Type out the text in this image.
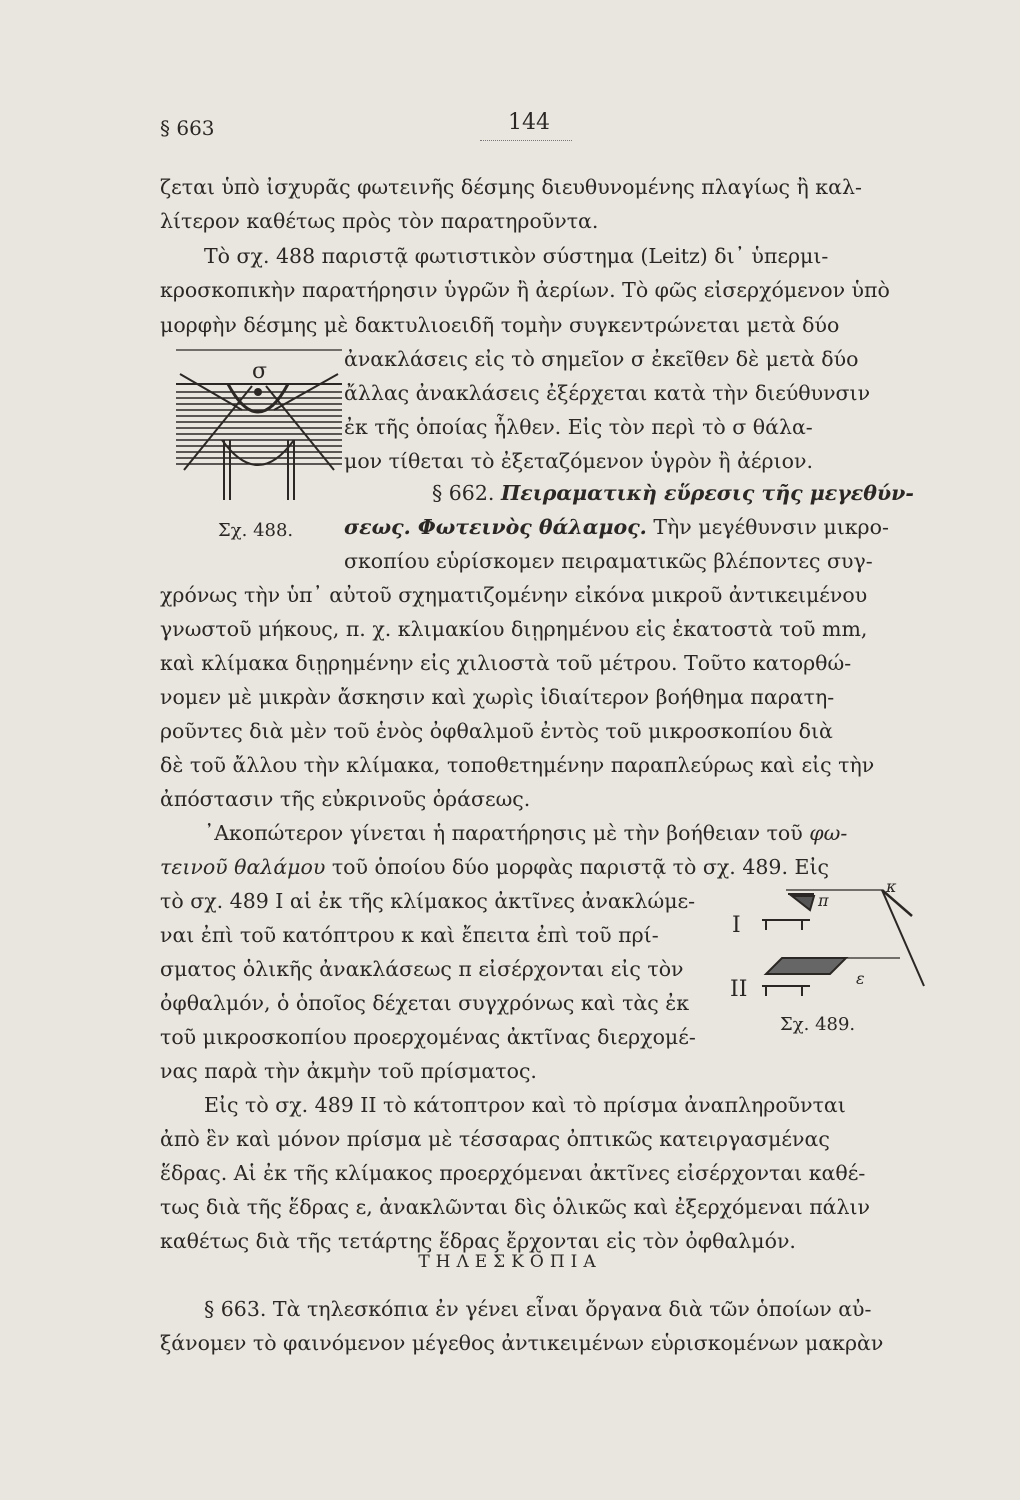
§ 663	144
ζεται ὑπὸ ἰσχυρᾶς φωτεινῆς δέσμης διευθυνομένης πλαγίως ἢ καλ-
λίτερον καθέτως πρὸς τὸν παρατηροῦντα.
Τὸ σχ. 488 παριστᾷ φωτιστικὸν σύστημα (Leitz) δι᾽ ὑπερμι-
κροσκοπικὴν παρατήρησιν ὑγρῶν ἢ ἀερίων. Τὸ φῶς εἰσερχόμενον ὑπὸ
μορφὴν δέσμης μὲ δακτυλιοειδῆ τομὴν συγκεντρώνεται μετὰ δύο
ἀνακλάσεις εἰς τὸ σημεῖον σ ἐκεῖθεν δὲ μετὰ δύο
ἄλλας ἀνακλάσεις ἐξέρχεται κατὰ τὴν διεύθυνσιν
ἐκ τῆς ὁποίας ἦλθεν. Εἰς τὸν περὶ τὸ σ θάλα-
μον τίθεται τὸ ἐξεταζόμενον ὑγρὸν ἢ ἀέριον.
σ
Σχ. 488.
§ 662. Πειραματικὴ εὕρεσις τῆς μεγεθύν-
σεως. Φωτεινὸς θάλαμος. Τὴν μεγέθυνσιν μικρο-
σκοπίου εὑρίσκομεν πειραματικῶς βλέποντες συγ-
χρόνως τὴν ὑπ᾽ αὐτοῦ σχηματιζομένην εἰκόνα μικροῦ ἀντικειμένου
γνωστοῦ μήκους, π. χ. κλιμακίου διῃρημένου εἰς ἑκατοστὰ τοῦ mm,
καὶ κλίμακα διῃρημένην εἰς χιλιοστὰ τοῦ μέτρου. Τοῦτο κατορθώ-
νομεν μὲ μικρὰν ἄσκησιν καὶ χωρὶς ἰδιαίτερον βοήθημα παρατη-
ροῦντες διὰ μὲν τοῦ ἑνὸς ὀφθαλμοῦ ἐντὸς τοῦ μικροσκοπίου διὰ
δὲ τοῦ ἄλλου τὴν κλίμακα, τοποθετημένην παραπλεύρως καὶ εἰς τὴν
ἀπόστασιν τῆς εὐκρινοῦς ὁράσεως.
᾿Ακοπώτερον γίνεται ἡ παρατήρησις μὲ τὴν βοήθειαν τοῦ φω-
τεινοῦ θαλάμου τοῦ ὁποίου δύο μορφὰς παριστᾷ τὸ σχ. 489. Εἰς
τὸ σχ. 489 I αἱ ἐκ τῆς κλίμακος ἀκτῖνες ἀνακλώμε-
ναι ἐπὶ τοῦ κατόπτρου κ καὶ ἔπειτα ἐπὶ τοῦ πρί-
σματος ὁλικῆς ἀνακλάσεως π εἰσέρχονται εἰς τὸν
ὀφθαλμόν, ὁ ὁποῖος δέχεται συγχρόνως καὶ τὰς ἐκ
τοῦ μικροσκοπίου προερχομένας ἀκτῖνας διερχομέ-
νας παρὰ τὴν ἀκμὴν τοῦ πρίσματος.
I
II
π
κ
ε
Σχ. 489.
Εἰς τὸ σχ. 489 II τὸ κάτοπτρον καὶ τὸ πρίσμα ἀναπληροῦνται
ἀπὸ ἓν καὶ μόνον πρίσμα μὲ τέσσαρας ὀπτικῶς κατειργασμένας
ἕδρας. Αἱ ἐκ τῆς κλίμακος προερχόμεναι ἀκτῖνες εἰσέρχονται καθέ-
τως διὰ τῆς ἕδρας ε, ἀνακλῶνται δὶς ὁλικῶς καὶ ἐξερχόμεναι πάλιν
καθέτως διὰ τῆς τετάρτης ἕδρας ἔρχονται εἰς τὸν ὀφθαλμόν.
ΤΗΛΕΣΚΟΠΙΑ
§ 663. Τὰ τηλεσκόπια ἐν γένει εἶναι ὄργανα διὰ τῶν ὁποίων αὐ-
ξάνομεν τὸ φαινόμενον μέγεθος ἀντικειμένων εὑρισκομένων μακρὰν
